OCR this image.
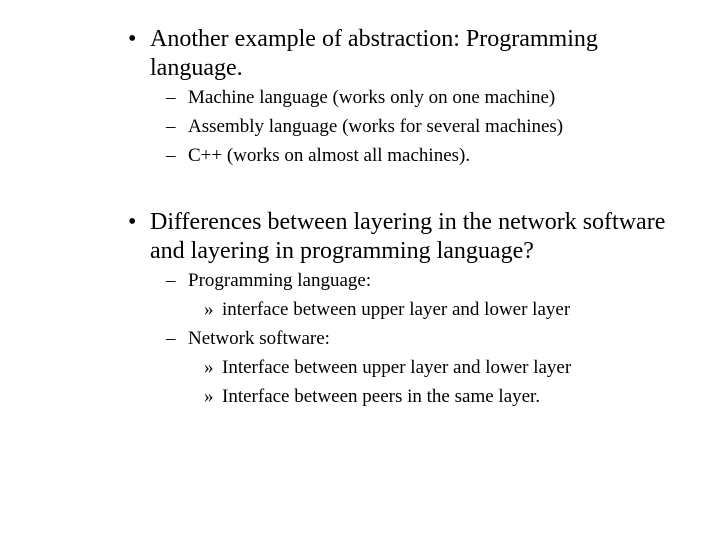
• Another example of abstraction: Programming language.
– Machine language (works only on one machine)
– Assembly language (works for several machines)
– C++ (works on almost all machines).
• Differences between layering in the network software and layering in programming language?
– Programming language:
» interface between upper layer and lower layer
– Network software:
» Interface between upper layer and lower layer
» Interface between peers in the same layer.
